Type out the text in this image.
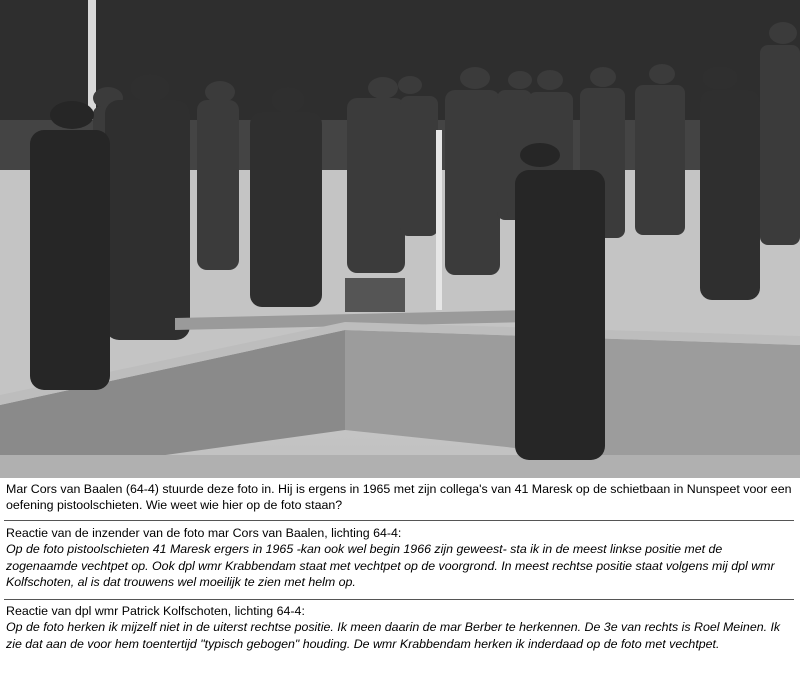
Mar Cors van Baalen (64-4) stuurde deze foto in. Hij is ergens in 1965 met zijn collega's van 41 Maresk op de schietbaan in Nunspeet voor een oefening pistoolschieten. Wie weet wie hier op de foto staan?
Reactie van de inzender van de foto mar Cors van Baalen, lichting 64-4:
Op de foto pistoolschieten 41 Maresk ergers in 1965 -kan ook wel begin 1966 zijn geweest- sta ik in de meest linkse positie met de zogenaamde vechtpet op. Ook dpl wmr Krabbendam staat met vechtpet op de voorgrond. In meest rechtse positie staat volgens mij dpl wmr Kolfschoten, al is dat trouwens wel moeilijk te zien met helm op.
Reactie van dpl wmr Patrick Kolfschoten, lichting 64-4:
Op de foto herken ik mijzelf niet in de uiterst rechtse positie. Ik meen daarin de mar Berber te herkennen. De 3e van rechts is Roel Meinen. Ik zie dat aan de voor hem toentertijd "typisch gebogen" houding. De wmr Krabbendam herken ik inderdaad op de foto met vechtpet.
